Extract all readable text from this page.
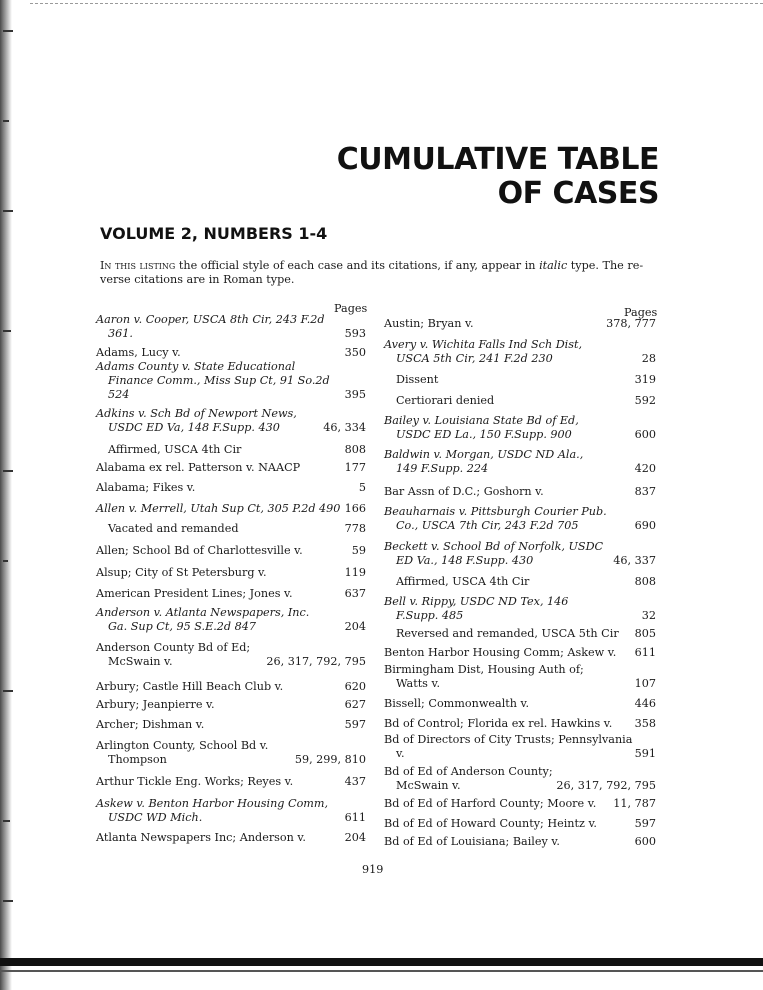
CUMULATIVE TABLE
OF CASES
VOLUME 2, NUMBERS 1-4
In this listing the official style of each case and its citations, if any, appear in italic type. The re-
verse citations are in Roman type.
Pages	Pages
Aaron v. Cooper, USCA 8th Cir, 243 F.2d
361.	593
Adams, Lucy v.	350
Adams County v. State Educational
Finance Comm., Miss Sup Ct, 91 So.2d
524	395
Adkins v. Sch Bd of Newport News,
USDC ED Va, 148 F.Supp. 430	46, 334
Affirmed, USCA 4th Cir	808
Alabama ex rel. Patterson v. NAACP	177
Alabama; Fikes v.	5
Allen v. Merrell, Utah Sup Ct, 305 P.2d 490 166
Vacated and remanded	778
Allen; School Bd of Charlottesville v.	59
Alsup; City of St Petersburg v.	119
American President Lines; Jones v.	637
Anderson v. Atlanta Newspapers, Inc.
Ga. Sup Ct, 95 S.E.2d 847	204
Anderson County Bd of Ed;
McSwain v.	26, 317, 792, 795
Arbury; Castle Hill Beach Club v.	620
Arbury; Jeanpierre v.	627
Archer; Dishman v.	597
Arlington County, School Bd v.
Thompson	59, 299, 810
Arthur Tickle Eng. Works; Reyes v.	437
Askew v. Benton Harbor Housing Comm,
USDC WD Mich.	611
Atlanta Newspapers Inc; Anderson v.	204
Austin; Bryan v.	378, 777
Avery v. Wichita Falls Ind Sch Dist,
USCA 5th Cir, 241 F.2d 230	28
Dissent	319
Certiorari denied	592
Bailey v. Louisiana State Bd of Ed,
USDC ED La., 150 F.Supp. 900	600
Baldwin v. Morgan, USDC ND Ala.,
149 F.Supp. 224	420
Bar Assn of D.C.; Goshorn v.	837
Beauharnais v. Pittsburgh Courier Pub.
Co., USCA 7th Cir, 243 F.2d 705	690
Beckett v. School Bd of Norfolk, USDC
ED Va., 148 F.Supp. 430	46, 337
Affirmed, USCA 4th Cir	808
Bell v. Rippy, USDC ND Tex, 146
F.Supp. 485	32
Reversed and remanded, USCA 5th Cir 805
Benton Harbor Housing Comm; Askew v. 611
Birmingham Dist, Housing Auth of;
Watts v.	107
Bissell; Commonwealth v.	446
Bd of Control; Florida ex rel. Hawkins v. 358
Bd of Directors of City Trusts; Pennsylvania
v.	591
Bd of Ed of Anderson County;
McSwain v.	26, 317, 792, 795
Bd of Ed of Harford County; Moore v. 11, 787
Bd of Ed of Howard County; Heintz v.	597
Bd of Ed of Louisiana; Bailey v.	600
919
